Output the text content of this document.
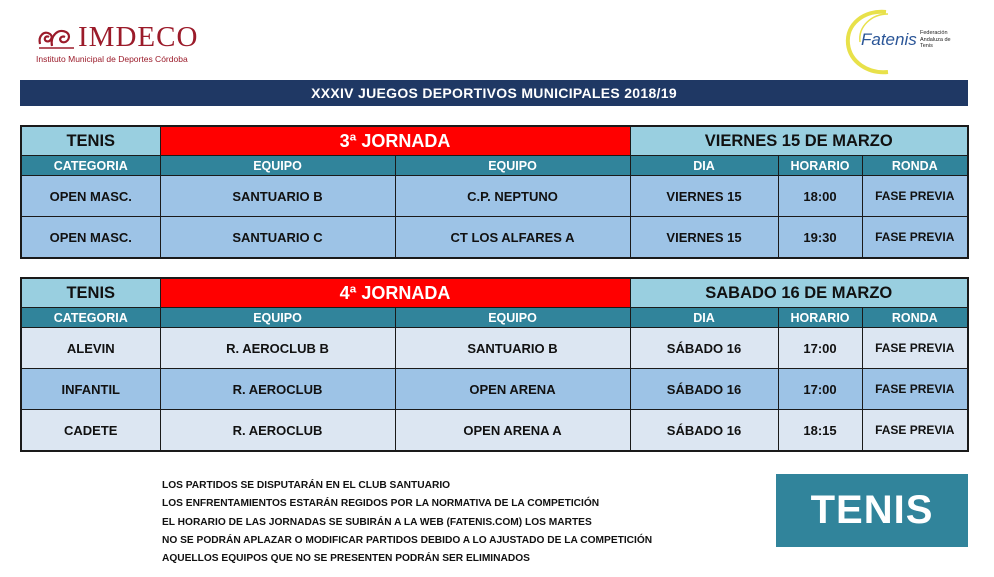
IMDECO
Instituto Municipal de Deportes Córdoba
Fatenis Federación
Andaluza de
Tenis
XXXIV JUEGOS DEPORTIVOS MUNICIPALES 2018/19
TENIS	3ª JORNADA		VIERNES 15 DE MARZO		
CATEGORIA	EQUIPO	EQUIPO	DIA	HORARIO	RONDA
OPEN MASC.	SANTUARIO B	C.P. NEPTUNO	VIERNES 15	18:00	FASE PREVIA
OPEN MASC.	SANTUARIO C	CT LOS ALFARES A	VIERNES 15	19:30	FASE PREVIA
TENIS	4ª JORNADA		SABADO 16 DE MARZO		
CATEGORIA	EQUIPO	EQUIPO	DIA	HORARIO	RONDA
ALEVIN	R. AEROCLUB B	SANTUARIO B	SÁBADO 16	17:00	FASE PREVIA
INFANTIL	R. AEROCLUB	OPEN ARENA	SÁBADO 16	17:00	FASE PREVIA
CADETE	R. AEROCLUB	OPEN ARENA A	SÁBADO 16	18:15	FASE PREVIA
LOS PARTIDOS SE DISPUTARÁN EN EL CLUB SANTUARIO
LOS ENFRENTAMIENTOS ESTARÁN REGIDOS POR LA NORMATIVA DE LA COMPETICIÓN
EL HORARIO DE LAS JORNADAS SE SUBIRÁN A LA WEB (FATENIS.COM) LOS MARTES
NO SE PODRÁN APLAZAR O MODIFICAR PARTIDOS DEBIDO A LO AJUSTADO DE LA COMPETICIÓN
AQUELLOS EQUIPOS QUE NO SE PRESENTEN PODRÁN SER ELIMINADOS
TENIS
